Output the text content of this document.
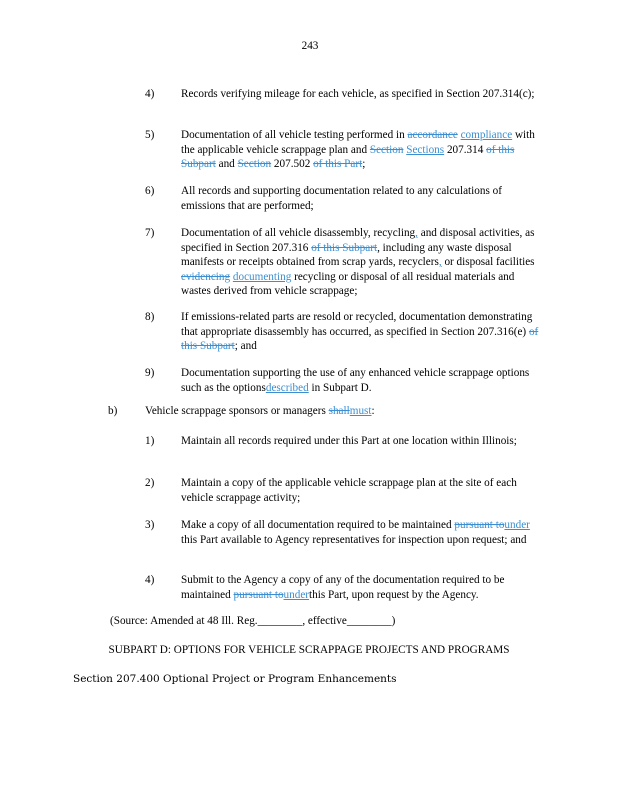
243
4) Records verifying mileage for each vehicle, as specified in Section 207.314(c);
5) Documentation of all vehicle testing performed in accordance compliance with the applicable vehicle scrappage plan and Section Sections 207.314 of this Subpart and Section 207.502 of this Part;
6) All records and supporting documentation related to any calculations of emissions that are performed;
7) Documentation of all vehicle disassembly, recycling, and disposal activities, as specified in Section 207.316 of this Subpart, including any waste disposal manifests or receipts obtained from scrap yards, recyclers, or disposal facilities evidencing documenting recycling or disposal of all residual materials and wastes derived from vehicle scrappage;
8) If emissions-related parts are resold or recycled, documentation demonstrating that appropriate disassembly has occurred, as specified in Section 207.316(e) of this Subpart; and
9) Documentation supporting the use of any enhanced vehicle scrappage options such as the optionsdescribed in Subpart D.
b) Vehicle scrappage sponsors or managers shallmust:
1) Maintain all records required under this Part at one location within Illinois;
2) Maintain a copy of the applicable vehicle scrappage plan at the site of each vehicle scrappage activity;
3) Make a copy of all documentation required to be maintained pursuant tounder this Part available to Agency representatives for inspection upon request; and
4) Submit to the Agency a copy of any of the documentation required to be maintained pursuant tounderthis Part, upon request by the Agency.
(Source: Amended at 48 Ill. Reg.________, effective________)
SUBPART D: OPTIONS FOR VEHICLE SCRAPPAGE PROJECTS AND PROGRAMS
Section 207.400 Optional Project or Program Enhancements
